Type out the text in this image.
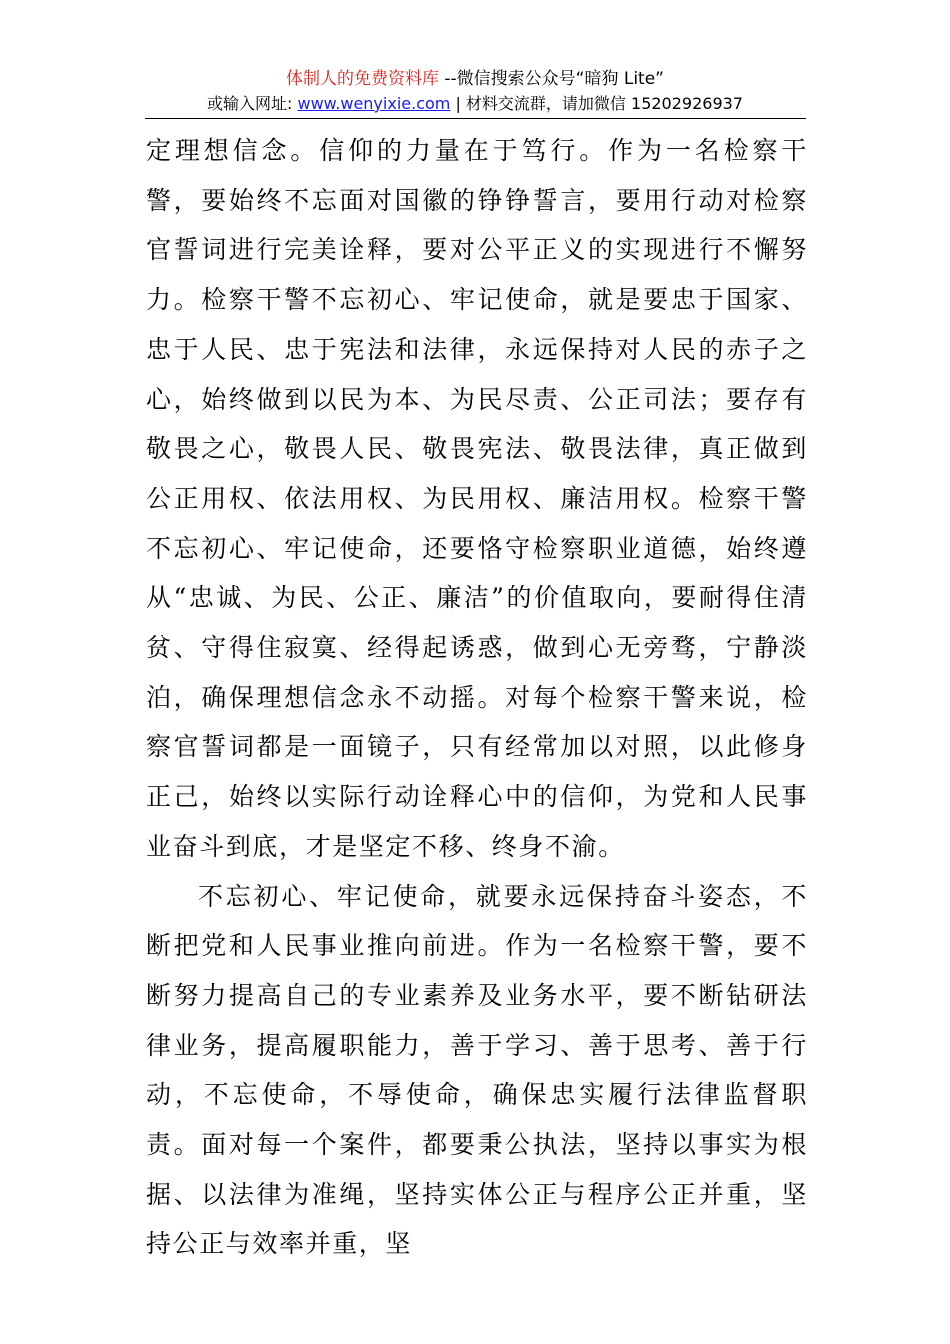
体制人的免费资料库 --微信搜索公众号“暗狗 Lite”
或输入网址: www.wenyixie.com | 材料交流群，请加微信 15202926937

定理想信念。信仰的力量在于笃行。作为一名检察干警，要始终不忘面对国徽的铮铮誓言，要用行动对检察官誓词进行完美诠释，要对公平正义的实现进行不懈努力。检察干警不忘初心、牢记使命，就是要忠于国家、忠于人民、忠于宪法和法律，永远保持对人民的赤子之心，始终做到以民为本、为民尽责、公正司法；要存有敬畏之心，敬畏人民、敬畏宪法、敬畏法律，真正做到公正用权、依法用权、为民用权、廉洁用权。检察干警不忘初心、牢记使命，还要恪守检察职业道德，始终遵从“忠诚、为民、公正、廉洁”的价值取向，要耐得住清贫、守得住寂寞、经得起诱惑，做到心无旁骛，宁静淡泊，确保理想信念永不动摇。对每个检察干警来说，检察官誓词都是一面镜子，只有经常加以对照，以此修身正己，始终以实际行动诠释心中的信仰，为党和人民事业奋斗到底，才是坚定不移、终身不渝。

不忘初心、牢记使命，就要永远保持奋斗姿态，不断把党和人民事业推向前进。作为一名检察干警，要不断努力提高自己的专业素养及业务水平，要不断钻研法律业务，提高履职能力，善于学习、善于思考、善于行动，不忘使命，不辱使命，确保忠实履行法律监督职责。面对每一个案件，都要秉公执法，坚持以事实为根据、以法律为准绳，坚持实体公正与程序公正并重，坚持公正与效率并重，坚
